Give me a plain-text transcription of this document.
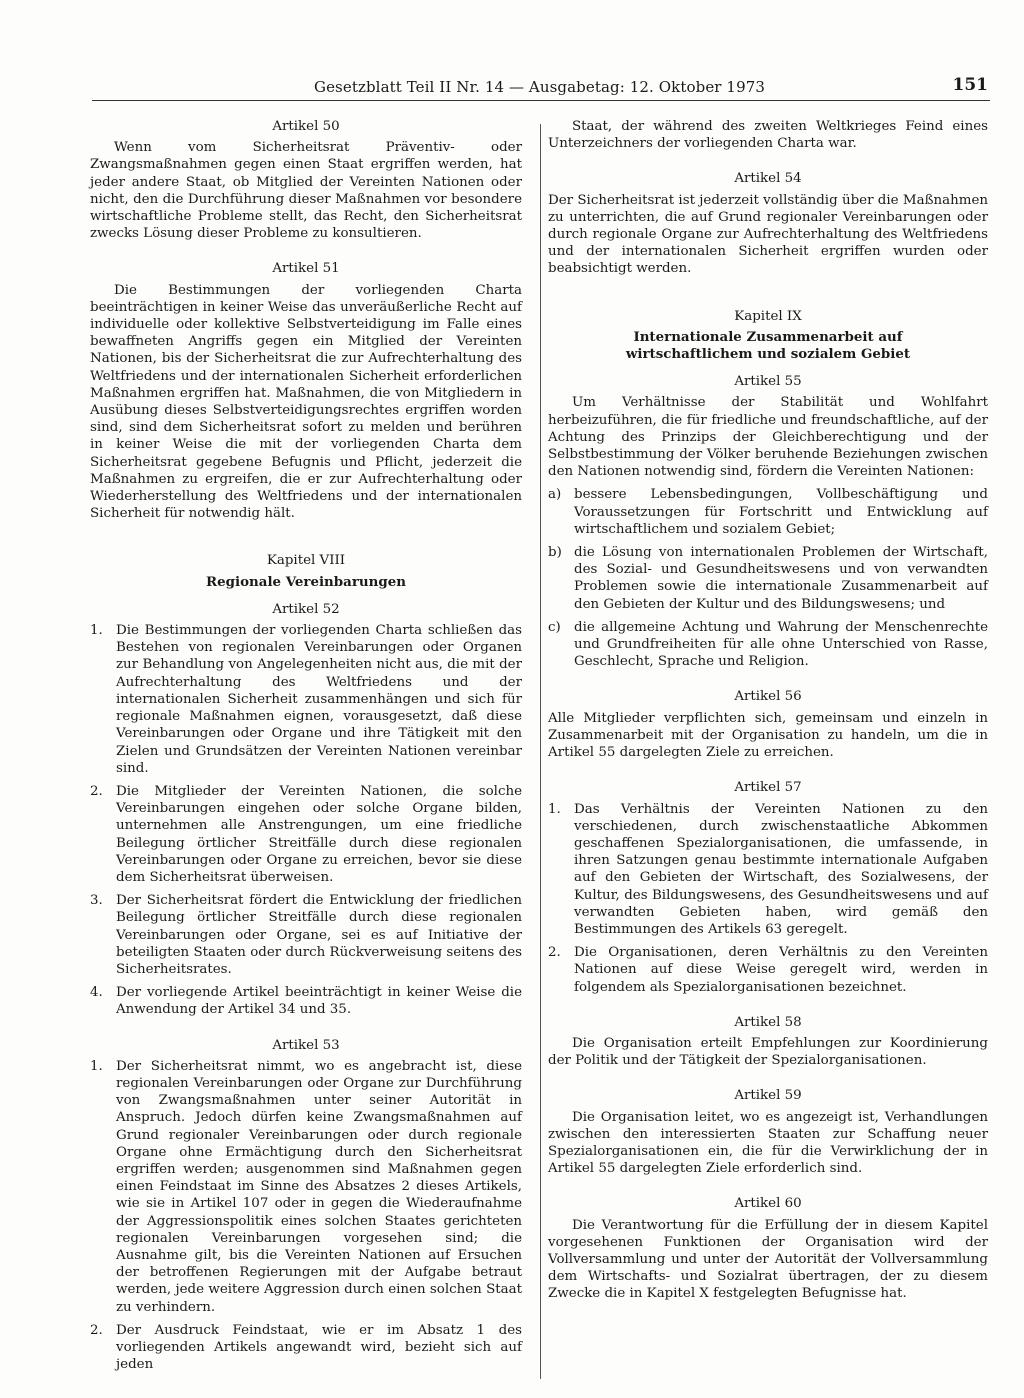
Gesetzblatt Teil II Nr. 14 — Ausgabetag: 12. Oktober 1973	151

Artikel 50

Wenn vom Sicherheitsrat Präventiv- oder Zwangsmaßnahmen gegen einen Staat ergriffen werden, hat jeder andere Staat, ob Mitglied der Vereinten Nationen oder nicht, den die Durchführung dieser Maßnahmen vor besondere wirtschaftliche Probleme stellt, das Recht, den Sicherheitsrat zwecks Lösung dieser Probleme zu konsultieren.

Artikel 51

Die Bestimmungen der vorliegenden Charta beeinträchtigen in keiner Weise das unveräußerliche Recht auf individuelle oder kollektive Selbstverteidigung im Falle eines bewaffneten Angriffs gegen ein Mitglied der Vereinten Nationen, bis der Sicherheitsrat die zur Aufrechterhaltung des Weltfriedens und der internationalen Sicherheit erforderlichen Maßnahmen ergriffen hat. Maßnahmen, die von Mitgliedern in Ausübung dieses Selbstverteidigungsrechtes ergriffen worden sind, sind dem Sicherheitsrat sofort zu melden und berühren in keiner Weise die mit der vorliegenden Charta dem Sicherheitsrat gegebene Befugnis und Pflicht, jederzeit die Maßnahmen zu ergreifen, die er zur Aufrechterhaltung oder Wiederherstellung des Weltfriedens und der internationalen Sicherheit für notwendig hält.

Kapitel VIII

Regionale Vereinbarungen

Artikel 52

1. Die Bestimmungen der vorliegenden Charta schließen das Bestehen von regionalen Vereinbarungen oder Organen zur Behandlung von Angelegenheiten nicht aus, die mit der Aufrechterhaltung des Weltfriedens und der internationalen Sicherheit zusammenhängen und sich für regionale Maßnahmen eignen, vorausgesetzt, daß diese Vereinbarungen oder Organe und ihre Tätigkeit mit den Zielen und Grundsätzen der Vereinten Nationen vereinbar sind.

2. Die Mitglieder der Vereinten Nationen, die solche Vereinbarungen eingehen oder solche Organe bilden, unternehmen alle Anstrengungen, um eine friedliche Beilegung örtlicher Streitfälle durch diese regionalen Vereinbarungen oder Organe zu erreichen, bevor sie diese dem Sicherheitsrat überweisen.

3. Der Sicherheitsrat fördert die Entwicklung der friedlichen Beilegung örtlicher Streitfälle durch diese regionalen Vereinbarungen oder Organe, sei es auf Initiative der beteiligten Staaten oder durch Rückverweisung seitens des Sicherheitsrates.

4. Der vorliegende Artikel beeinträchtigt in keiner Weise die Anwendung der Artikel 34 und 35.

Artikel 53

1. Der Sicherheitsrat nimmt, wo es angebracht ist, diese regionalen Vereinbarungen oder Organe zur Durchführung von Zwangsmaßnahmen unter seiner Autorität in Anspruch. Jedoch dürfen keine Zwangsmaßnahmen auf Grund regionaler Vereinbarungen oder durch regionale Organe ohne Ermächtigung durch den Sicherheitsrat ergriffen werden; ausgenommen sind Maßnahmen gegen einen Feindstaat im Sinne des Absatzes 2 dieses Artikels, wie sie in Artikel 107 oder in gegen die Wiederaufnahme der Aggressionspolitik eines solchen Staates gerichteten regionalen Vereinbarungen vorgesehen sind; die Ausnahme gilt, bis die Vereinten Nationen auf Ersuchen der betroffenen Regierungen mit der Aufgabe betraut werden, jede weitere Aggression durch einen solchen Staat zu verhindern.

2. Der Ausdruck Feindstaat, wie er im Absatz 1 des vorliegenden Artikels angewandt wird, bezieht sich auf jeden

Staat, der während des zweiten Weltkrieges Feind eines Unterzeichners der vorliegenden Charta war.

Artikel 54

Der Sicherheitsrat ist jederzeit vollständig über die Maßnahmen zu unterrichten, die auf Grund regionaler Vereinbarungen oder durch regionale Organe zur Aufrechterhaltung des Weltfriedens und der internationalen Sicherheit ergriffen wurden oder beabsichtigt werden.

Kapitel IX

Internationale Zusammenarbeit auf wirtschaftlichem und sozialem Gebiet

Artikel 55

Um Verhältnisse der Stabilität und Wohlfahrt herbeizuführen, die für friedliche und freundschaftliche, auf der Achtung des Prinzips der Gleichberechtigung und der Selbstbestimmung der Völker beruhende Beziehungen zwischen den Nationen notwendig sind, fördern die Vereinten Nationen:

a) bessere Lebensbedingungen, Vollbeschäftigung und Voraussetzungen für Fortschritt und Entwicklung auf wirtschaftlichem und sozialem Gebiet;

b) die Lösung von internationalen Problemen der Wirtschaft, des Sozial- und Gesundheitswesens und von verwandten Problemen sowie die internationale Zusammenarbeit auf den Gebieten der Kultur und des Bildungswesens; und

c) die allgemeine Achtung und Wahrung der Menschenrechte und Grundfreiheiten für alle ohne Unterschied von Rasse, Geschlecht, Sprache und Religion.

Artikel 56

Alle Mitglieder verpflichten sich, gemeinsam und einzeln in Zusammenarbeit mit der Organisation zu handeln, um die in Artikel 55 dargelegten Ziele zu erreichen.

Artikel 57

1. Das Verhältnis der Vereinten Nationen zu den verschiedenen, durch zwischenstaatliche Abkommen geschaffenen Spezialorganisationen, die umfassende, in ihren Satzungen genau bestimmte internationale Aufgaben auf den Gebieten der Wirtschaft, des Sozialwesens, der Kultur, des Bildungswesens, des Gesundheitswesens und auf verwandten Gebieten haben, wird gemäß den Bestimmungen des Artikels 63 geregelt.

2. Die Organisationen, deren Verhältnis zu den Vereinten Nationen auf diese Weise geregelt wird, werden in folgendem als Spezialorganisationen bezeichnet.

Artikel 58

Die Organisation erteilt Empfehlungen zur Koordinierung der Politik und der Tätigkeit der Spezialorganisationen.

Artikel 59

Die Organisation leitet, wo es angezeigt ist, Verhandlungen zwischen den interessierten Staaten zur Schaffung neuer Spezialorganisationen ein, die für die Verwirklichung der in Artikel 55 dargelegten Ziele erforderlich sind.

Artikel 60

Die Verantwortung für die Erfüllung der in diesem Kapitel vorgesehenen Funktionen der Organisation wird der Vollversammlung und unter der Autorität der Vollversammlung dem Wirtschafts- und Sozialrat übertragen, der zu diesem Zwecke die in Kapitel X festgelegten Befugnisse hat.
